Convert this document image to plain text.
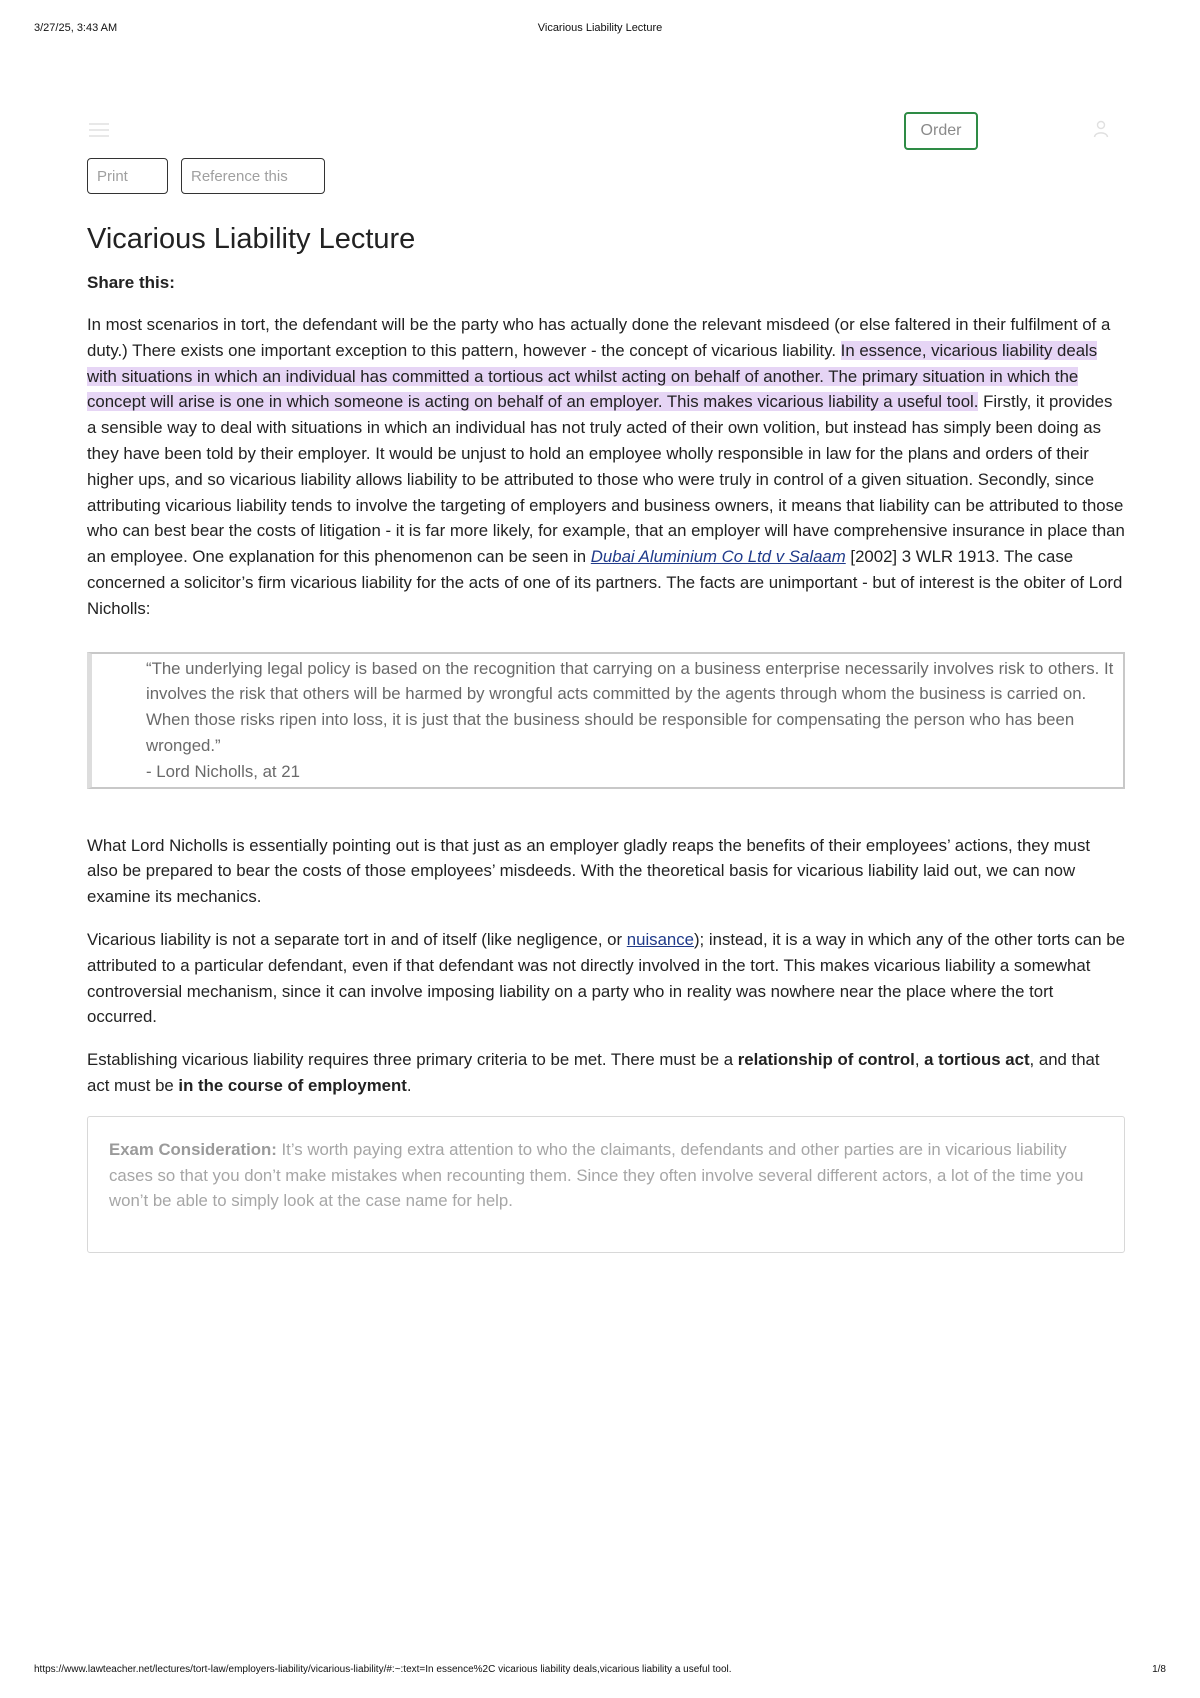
3/27/25, 3:43 AM	Vicarious Liability Lecture
Order
Print	Reference this
Vicarious Liability Lecture
Share this:

In most scenarios in tort, the defendant will be the party who has actually done the relevant misdeed (or else faltered in their fulfilment of a duty.) There exists one important exception to this pattern, however - the concept of vicarious liability. In essence, vicarious liability deals with situations in which an individual has committed a tortious act whilst acting on behalf of another. The primary situation in which the concept will arise is one in which someone is acting on behalf of an employer. This makes vicarious liability a useful tool. Firstly, it provides a sensible way to deal with situations in which an individual has not truly acted of their own volition, but instead has simply been doing as they have been told by their employer. It would be unjust to hold an employee wholly responsible in law for the plans and orders of their higher ups, and so vicarious liability allows liability to be attributed to those who were truly in control of a given situation. Secondly, since attributing vicarious liability tends to involve the targeting of employers and business owners, it means that liability can be attributed to those who can best bear the costs of litigation - it is far more likely, for example, that an employer will have comprehensive insurance in place than an employee. One explanation for this phenomenon can be seen in Dubai Aluminium Co Ltd v Salaam [2002] 3 WLR 1913. The case concerned a solicitor’s firm vicarious liability for the acts of one of its partners. The facts are unimportant - but of interest is the obiter of Lord Nicholls:

“The underlying legal policy is based on the recognition that carrying on a business enterprise necessarily involves risk to others. It involves the risk that others will be harmed by wrongful acts committed by the agents through whom the business is carried on. When those risks ripen into loss, it is just that the business should be responsible for compensating the person who has been wronged.”
- Lord Nicholls, at 21

What Lord Nicholls is essentially pointing out is that just as an employer gladly reaps the benefits of their employees’ actions, they must also be prepared to bear the costs of those employees’ misdeeds. With the theoretical basis for vicarious liability laid out, we can now examine its mechanics.

Vicarious liability is not a separate tort in and of itself (like negligence, or nuisance); instead, it is a way in which any of the other torts can be attributed to a particular defendant, even if that defendant was not directly involved in the tort. This makes vicarious liability a somewhat controversial mechanism, since it can involve imposing liability on a party who in reality was nowhere near the place where the tort occurred.

Establishing vicarious liability requires three primary criteria to be met. There must be a relationship of control, a tortious act, and that act must be in the course of employment.

Exam Consideration: It’s worth paying extra attention to who the claimants, defendants and other parties are in vicarious liability cases so that you don’t make mistakes when recounting them. Since they often involve several different actors, a lot of the time you won’t be able to simply look at the case name for help.
https://www.lawteacher.net/lectures/tort-law/employers-liability/vicarious-liability/#:~:text=In essence%2C vicarious liability deals,vicarious liability a useful tool.	1/8
